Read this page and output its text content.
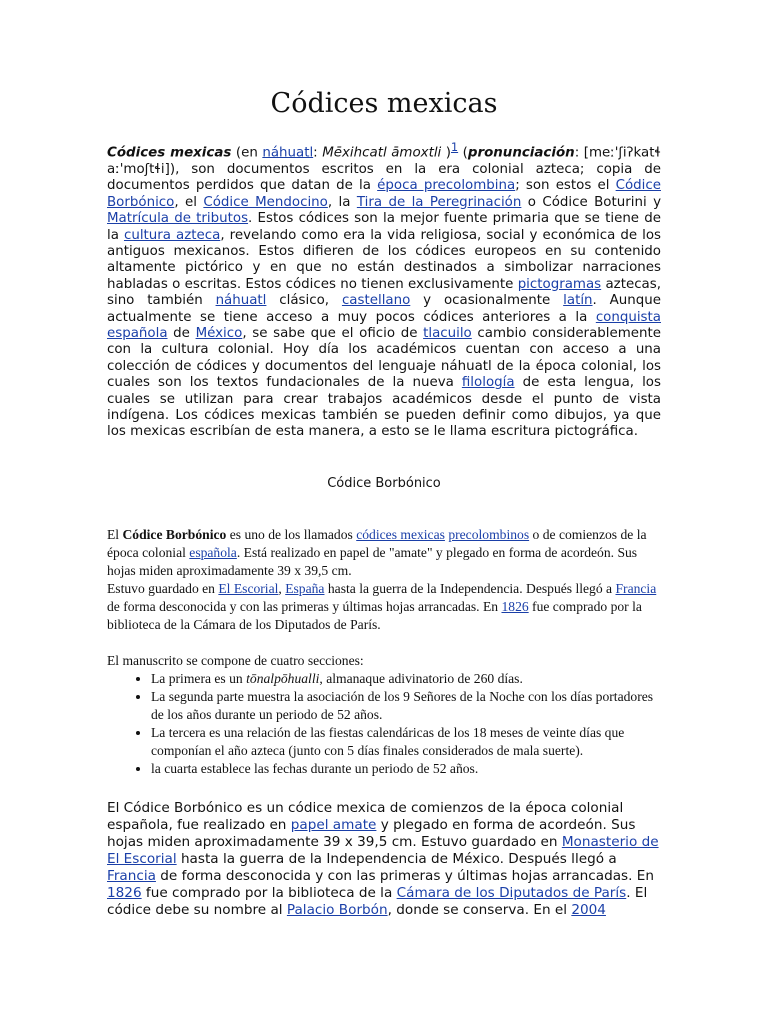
Códices mexicas

Códices mexicas (en náhuatl: Mēxihcatl āmoxtli )$^1$ (pronunciación: [meː'ʃiʔkatɬ aː'moʃtɬi]), son documentos escritos en la era colonial azteca; copia de documentos perdidos que datan de la época precolombina; son estos el Códice Borbónico, el Códice Mendocino, la Tira de la Peregrinación o Códice Boturini y Matrícula de tributos. Estos códices son la mejor fuente primaria que se tiene de la cultura azteca, revelando como era la vida religiosa, social y económica de los antiguos mexicanos. Estos difieren de los códices europeos en su contenido altamente pictórico y en que no están destinados a simbolizar narraciones habladas o escritas. Estos códices no tienen exclusivamente pictogramas aztecas, sino también náhuatl clásico, castellano y ocasionalmente latín. Aunque actualmente se tiene acceso a muy pocos códices anteriores a la conquista española de México, se sabe que el oficio de tlacuilo cambio considerablemente con la cultura colonial. Hoy día los académicos cuentan con acceso a una colección de códices y documentos del lenguaje náhuatl de la época colonial, los cuales son los textos fundacionales de la nueva filología de esta lengua, los cuales se utilizan para crear trabajos académicos desde el punto de vista indígena. Los códices mexicas también se pueden definir como dibujos, ya que los mexicas escribían de esta manera, a esto se le llama escritura pictográfica.

Códice Borbónico

El Códice Borbónico es uno de los llamados códices mexicas precolombinos o de comienzos de la época colonial española. Está realizado en papel de "amate" y plegado en forma de acordeón. Sus hojas miden aproximadamente 39 x 39,5 cm.

Estuvo guardado en El Escorial, España hasta la guerra de la Independencia. Después llegó a Francia de forma desconocida y con las primeras y últimas hojas arrancadas. En 1826 fue comprado por la biblioteca de la Cámara de los Diputados de París.

El manuscrito se compone de cuatro secciones:

• La primera es un tōnalpōhualli, almanaque adivinatorio de 260 días.
• La segunda parte muestra la asociación de los 9 Señores de la Noche con los días portadores de los años durante un periodo de 52 años.
• La tercera es una relación de las fiestas calendáricas de los 18 meses de veinte días que componían el año azteca (junto con 5 días finales considerados de mala suerte).
• la cuarta establece las fechas durante un periodo de 52 años.

El Códice Borbónico es un códice mexica de comienzos de la época colonial española, fue realizado en papel amate y plegado en forma de acordeón. Sus hojas miden aproximadamente 39 x 39,5 cm. Estuvo guardado en Monasterio de El Escorial hasta la guerra de la Independencia de México. Después llegó a Francia de forma desconocida y con las primeras y últimas hojas arrancadas. En 1826 fue comprado por la biblioteca de la Cámara de los Diputados de París. El códice debe su nombre al Palacio Borbón, donde se conserva. En el 2004
